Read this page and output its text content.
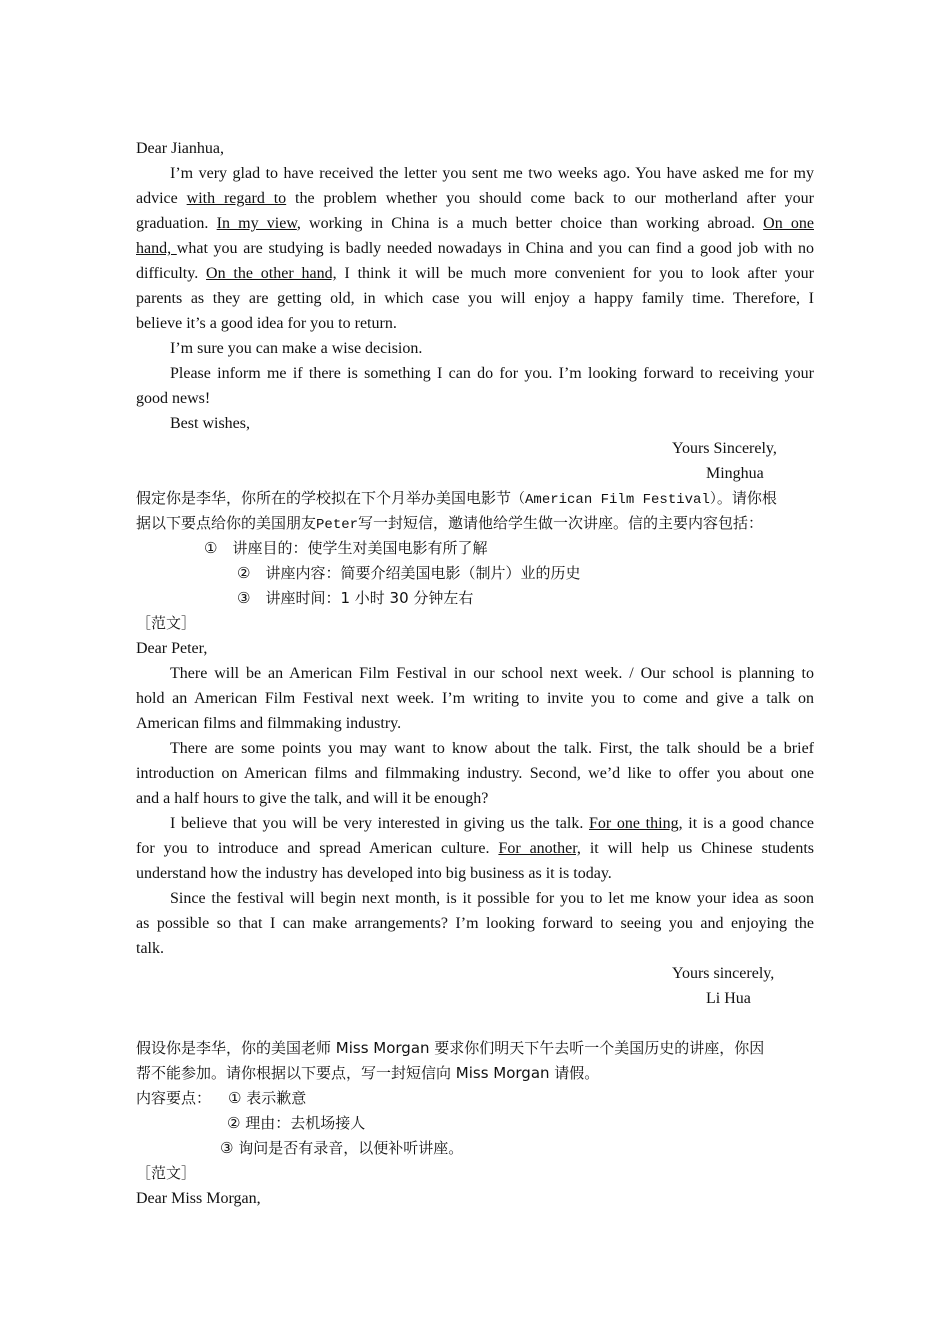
Dear Jianhua,
I’m very glad to have received the letter you sent me two weeks ago. You have asked me for my
advice with regard to the problem whether you should come back to our motherland after your
graduation. In my view, working in China is a much better choice than working abroad. On one
hand, what you are studying is badly needed nowadays in China and you can find a good job with no
difficulty. On the other hand, I think it will be much more convenient for you to look after your
parents as they are getting old, in which case you will enjoy a happy family time. Therefore, I
believe it’s a good idea for you to return.
I’m sure you can make a wise decision.
Please inform me if there is something I can do for you. I’m looking forward to receiving your
good news!
Best wishes,
Yours Sincerely,
Minghua
假定你是李华，你所在的学校拟在下个月举办美国电影节（American Film Festival）。请你根
据以下要点给你的美国朋友Peter写一封短信，邀请他给学生做一次讲座。信的主要内容包括：
①　讲座目的：使学生对美国电影有所了解
②　讲座内容：简要介绍美国电影（制片）业的历史
③　讲座时间：1 小时 30 分钟左右
［范文］
Dear Peter,
There will be an American Film Festival in our school next week. / Our school is planning to
hold an American Film Festival next week. I’m writing to invite you to come and give a talk on
American films and filmmaking industry.
There are some points you may want to know about the talk. First, the talk should be a brief
introduction on American films and filmmaking industry. Second, we’d like to offer you about one
and a half hours to give the talk, and will it be enough?
I believe that you will be very interested in giving us the talk. For one thing, it is a good chance
for you to introduce and spread American culture. For another, it will help us Chinese students
understand how the industry has developed into big business as it is today.
Since the festival will begin next month, is it possible for you to let me know your idea as soon
as possible so that I can make arrangements? I’m looking forward to seeing you and enjoying the
talk.
Yours sincerely,
Li Hua
假设你是李华，你的美国老师 Miss Morgan 要求你们明天下午去听一个美国历史的讲座，你因
帮不能参加。请你根据以下要点，写一封短信向 Miss Morgan 请假。
内容要点： ① 表示歉意
② 理由：去机场接人
③ 询问是否有录音，以便补听讲座。
［范文］
Dear Miss Morgan,
